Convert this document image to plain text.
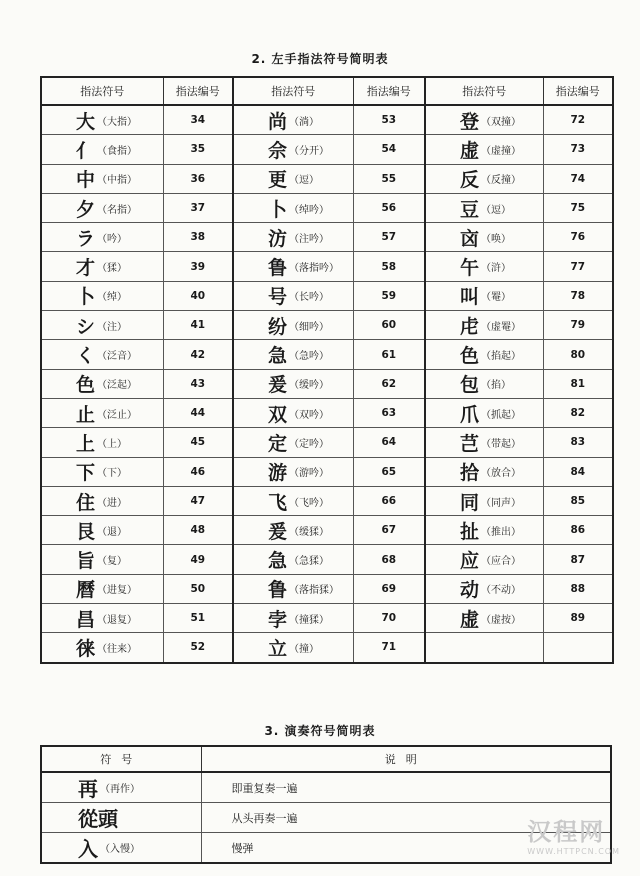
2. 左手指法符号简明表
指法符号	指法编号	指法符号	指法编号	指法符号	指法编号
大 （大指）	34	尚 （淌）	53	登 （双撞）	72
亻 （食指）	35	佘 （分开）	54	虚 （虚撞）	73
中 （中指）	36	更 （逗）	55	反 （反撞）	74
夕 （名指）	37	卜 （绰吟）	56	豆 （逗）	75
ラ （吟）	38	汸 （注吟）	57	㐫 （唤）	76
才 （猱）	39	鲁 （落指吟）	58	午 （浒）	77
卜 （绰）	40	号 （长吟）	59	叫 （罨）	78
シ （注）	41	纷 （细吟）	60	虍 （虚罨）	79
く （泛音）	42	急 （急吟）	61	色 （掐起）	80
色 （泛起）	43	爰 （缓吟）	62	包 （掐）	81
止 （泛止）	44	双 （双吟）	63	爪 （抓起）	82
上 （上）	45	定 （定吟）	64	芑 （带起）	83
下 （下）	46	游 （游吟）	65	拾 （放合）	84
住 （进）	47	飞 （飞吟）	66	同 （同声）	85
艮 （退）	48	爰 （缓猱）	67	扯 （推出）	86
旨 （复）	49	急 （急猱）	68	应 （应合）	87
曆 （进复）	50	鲁 （落指猱）	69	动 （不动）	88
昌 （退复）	51	孛 （撞猱）	70	虚 （虚按）	89
徕 （往来）	52	立 （撞）	71		
3. 演奏符号简明表
符号	说明
再 （再作）	即重复奏一遍
從頭	从头再奏一遍
入 （入慢）	慢弹
汉程网
WWW.HTTPCN.COM
